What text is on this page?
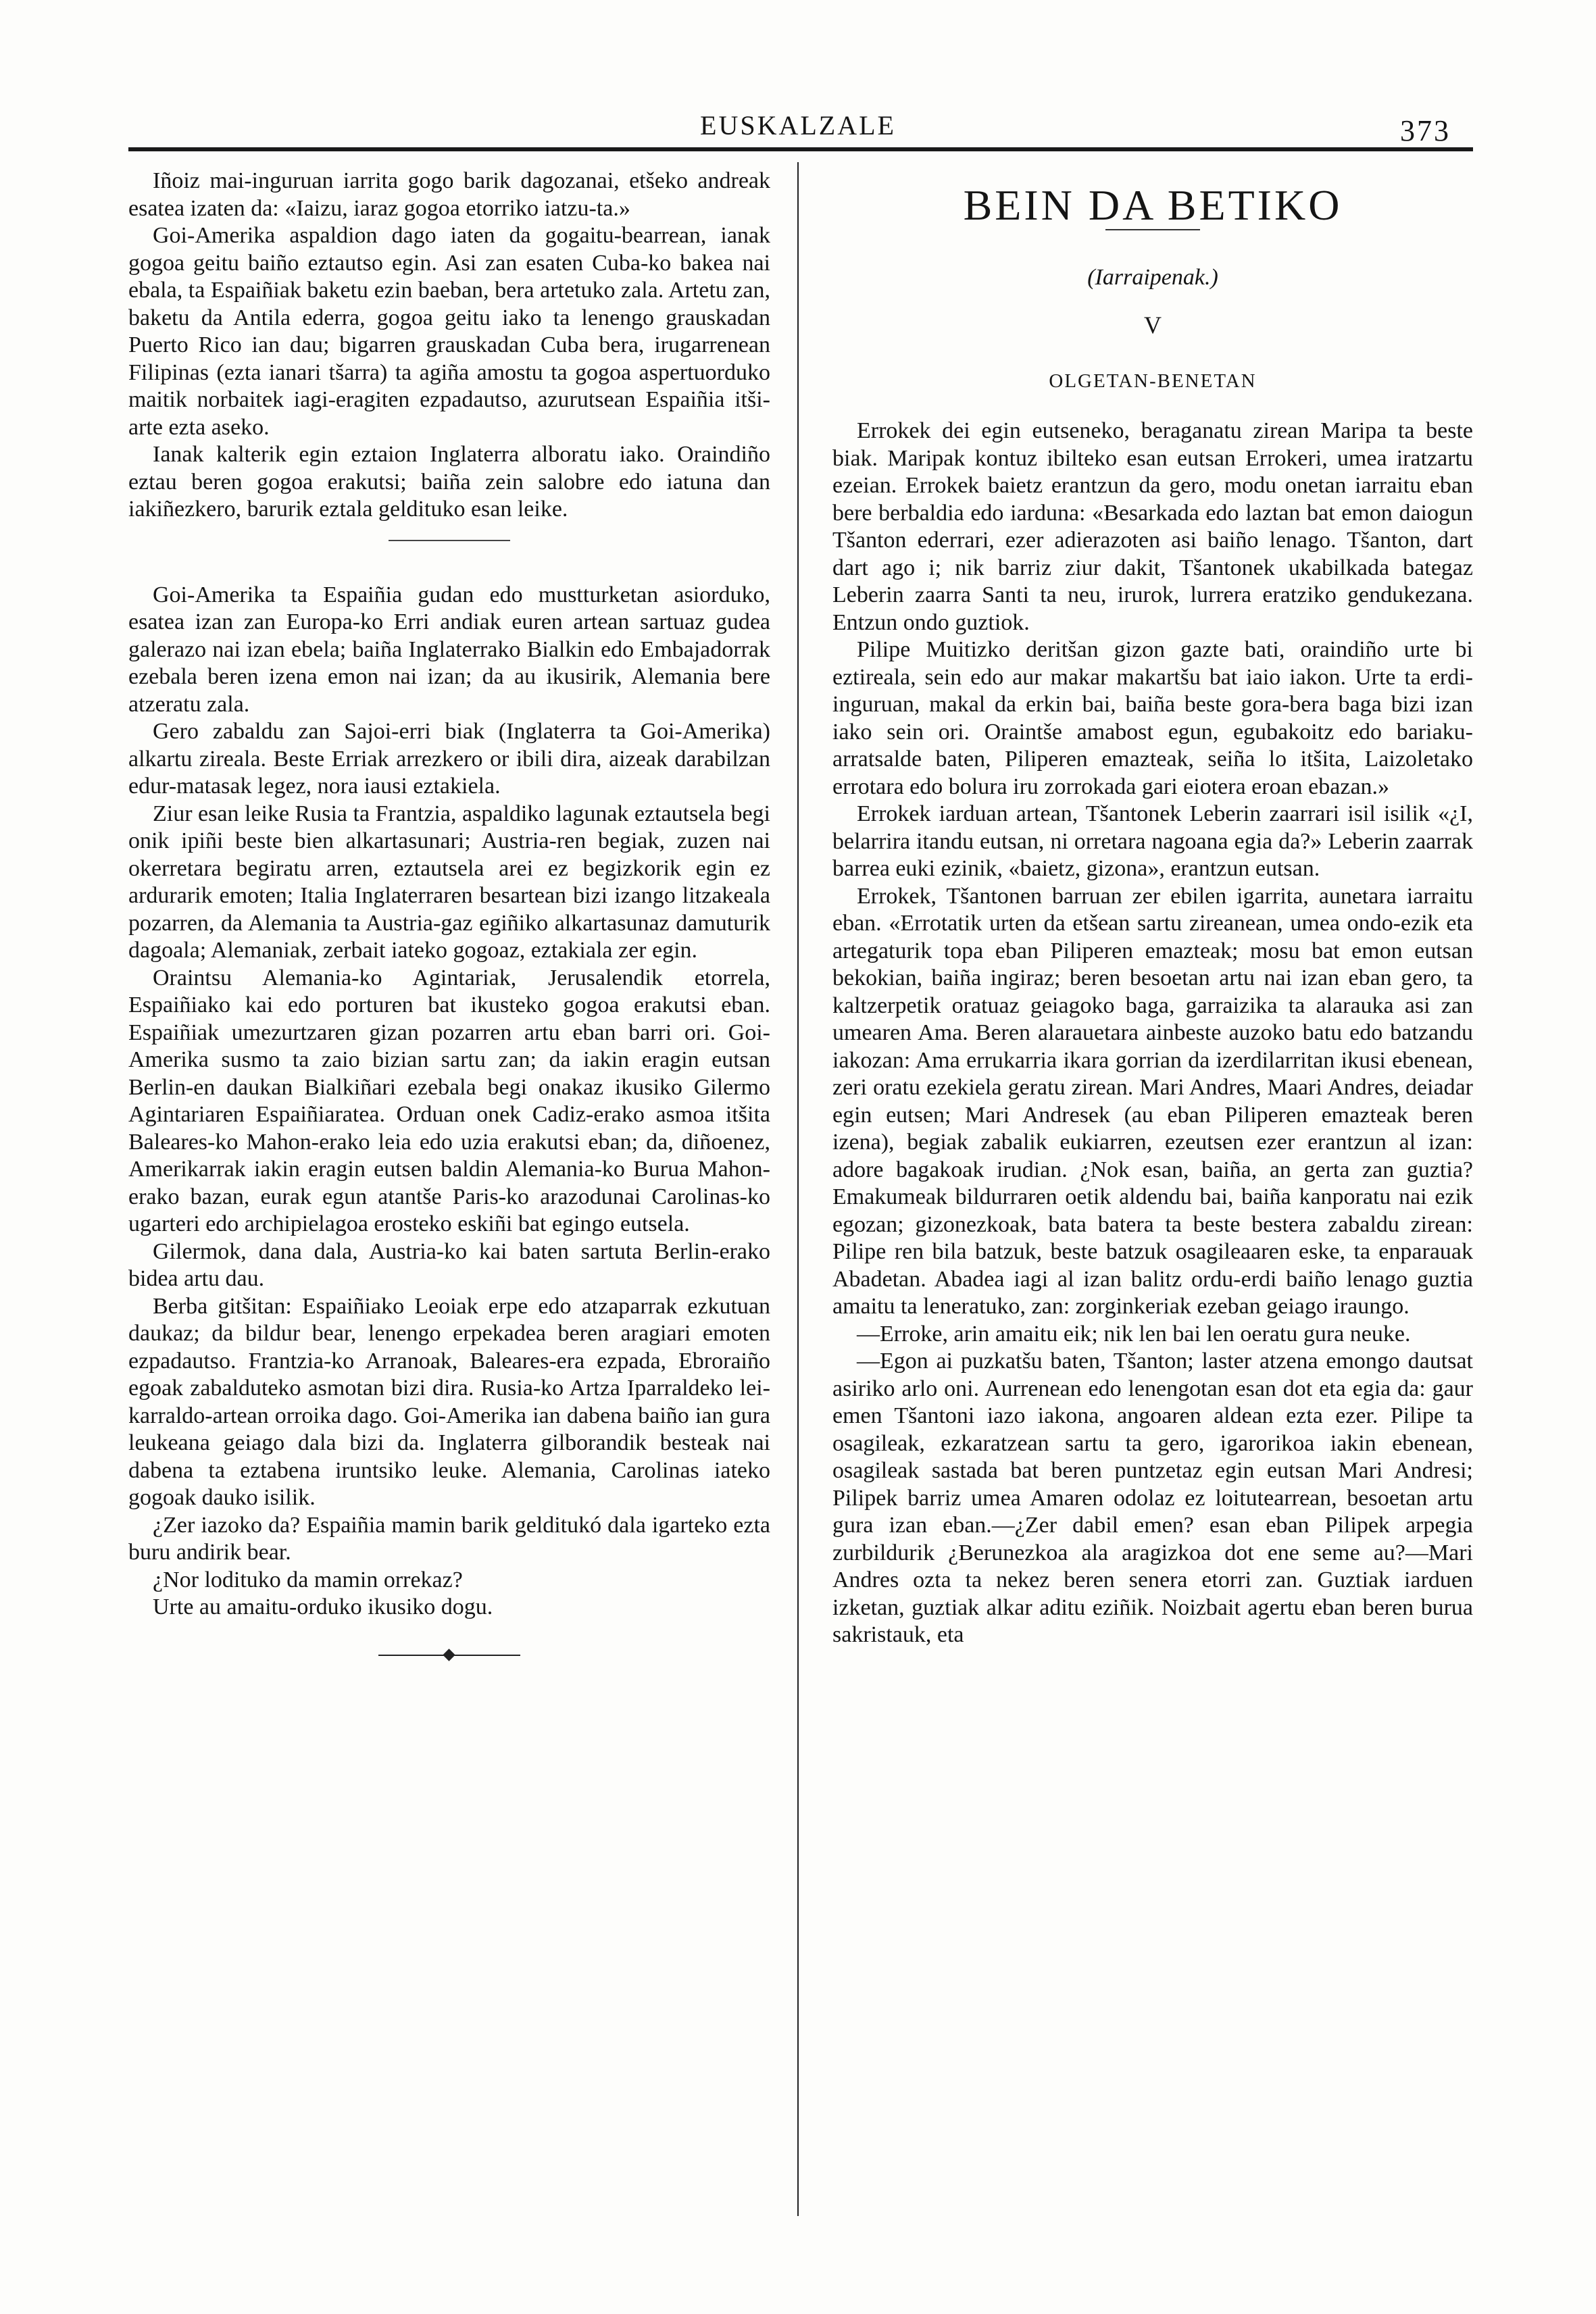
EUSKALZALE	373

Iñoiz mai-inguruan iarrita gogo barik dagozanai, etšeko andreak esatea izaten da: «Iaizu, iaraz gogoa etorriko iatzu-ta.»

Goi-Amerika aspaldion dago iaten da gogaitu-bearrean, ianak gogoa geitu baiño eztautso egin. Asi zan esaten Cuba-ko bakea nai ebala, ta Espaiñiak baketu ezin baeban, bera artetuko zala. Artetu zan, baketu da Antila ederra, gogoa geitu iako ta lenengo grauskadan Puerto Rico ian dau; bigarren grauskadan Cuba bera, irugarrenean Filipinas (ezta ianari tšarra) ta agiña amostu ta gogoa aspertuorduko maitik norbaitek iagi-eragiten ezpadautso, azurutsean Espaiñia itši-arte ezta aseko.

Ianak kalterik egin eztaion Inglaterra alboratu iako. Oraindiño eztau beren gogoa erakutsi; baiña zein salobre edo iatuna dan iakiñezkero, barurik eztala geldituko esan leike.

Goi-Amerika ta Espaiñia gudan edo mustturketan asiorduko, esatea izan zan Europa-ko Erri andiak euren artean sartuaz gudea galerazo nai izan ebela; baiña Inglaterrako Bialkin edo Embajadorrak ezebala beren izena emon nai izan; da au ikusirik, Alemania bere atzeratu zala.

Gero zabaldu zan Sajoi-erri biak (Inglaterra ta Goi-Amerika) alkartu zireala. Beste Erriak arrezkero or ibili dira, aizeak darabilzan edur-matasak legez, nora iausi eztakiela.

Ziur esan leike Rusia ta Frantzia, aspaldiko lagunak eztautsela begi onik ipiñi beste bien alkartasunari; Austria-ren begiak, zuzen nai okerretara begiratu arren, eztautsela arei ez begizkorik egin ez ardurarik emoten; Italia Inglaterraren besartean bizi izango litzakeala pozarren, da Alemania ta Austria-gaz egiñiko alkartasunaz damuturik dagoala; Alemaniak, zerbait iateko gogoaz, eztakiala zer egin.

Oraintsu Alemania-ko Agintariak, Jerusalendik etorrela, Espaiñiako kai edo porturen bat ikusteko gogoa erakutsi eban. Espaiñiak umezurtzaren gizan pozarren artu eban barri ori. Goi-Amerika susmo ta zaio bizian sartu zan; da iakin eragin eutsan Berlin-en daukan Bialkiñari ezebala begi onakaz ikusiko Gilermo Agintariaren Espaiñiaratea. Orduan onek Cadiz-erako asmoa itšita Baleares-ko Mahon-erako leia edo uzia erakutsi eban; da, diñoenez, Amerikarrak iakin eragin eutsen baldin Alemania-ko Burua Mahon-erako bazan, eurak egun atantše Paris-ko arazodunai Carolinas-ko ugarteri edo archipielagoa erosteko eskiñi bat egingo eutsela.

Gilermok, dana dala, Austria-ko kai baten sartuta Berlin-erako bidea artu dau.

Berba gitšitan: Espaiñiako Leoiak erpe edo atzaparrak ezkutuan daukaz; da bildur bear, lenengo erpekadea beren aragiari emoten ezpadautso. Frantzia-ko Arranoak, Baleares-era ezpada, Ebroraiño egoak zabalduteko asmotan bizi dira. Rusia-ko Artza Iparraldeko lei-karraldo-artean orroika dago. Goi-Amerika ian dabena baiño ian gura leukeana geiago dala bizi da. Inglaterra gilborandik besteak nai dabena ta eztabena iruntsiko leuke. Alemania, Carolinas iateko gogoak dauko isilik.

¿Zer iazoko da? Espaiñia mamin barik gelditukó dala igarteko ezta buru andirik bear.

¿Nor lodituko da mamin orrekaz?

Urte au amaitu-orduko ikusiko dogu.

BEIN DA BETIKO
(Iarraipenak.)
V
OLGETAN-BENETAN

Errokek dei egin eutseneko, beraganatu zirean Maripa ta beste biak. Maripak kontuz ibilteko esan eutsan Errokeri, umea iratzartu ezeian. Errokek baietz erantzun da gero, modu onetan iarraitu eban bere berbaldia edo iarduna: «Besarkada edo laztan bat emon daiogun Tšanton ederrari, ezer adierazoten asi baiño lenago. Tšanton, dart dart ago i; nik barriz ziur dakit, Tšantonek ukabilkada bategaz Leberin zaarra Santi ta neu, irurok, lurrera eratziko gendukezana. Entzun ondo guztiok.

Pilipe Muitizko deritšan gizon gazte bati, oraindiño urte bi eztireala, sein edo aur makar makartšu bat iaio iakon. Urte ta erdi-inguruan, makal da erkin bai, baiña beste gora-bera baga bizi izan iako sein ori. Oraintše amabost egun, egubakoitz edo bariaku-arratsalde baten, Piliperen emazteak, seiña lo itšita, Laizoletako errotara edo bolura iru zorrokada gari eiotera eroan ebazan.»

Errokek iarduan artean, Tšantonek Leberin zaarrari isil isilik «¿I, belarrira itandu eutsan, ni orretara nagoana egia da?» Leberin zaarrak barrea euki ezinik, «baietz, gizona», erantzun eutsan.

Errokek, Tšantonen barruan zer ebilen igarrita, aunetara iarraitu eban. «Errotatik urten da etšean sartu zireanean, umea ondo-ezik eta artegaturik topa eban Piliperen emazteak; mosu bat emon eutsan bekokian, baiña ingiraz; beren besoetan artu nai izan eban gero, ta kaltzerpetik oratuaz geiagoko baga, garraizika ta alarauka asi zan umearen Ama. Beren alarauetara ainbeste auzoko batu edo batzandu iakozan: Ama errukarria ikara gorrian da izerdilarritan ikusi ebenean, zeri oratu ezekiela geratu zirean. Mari Andres, Maari Andres, deiadar egin eutsen; Mari Andresek (au eban Piliperen emazteak beren izena), begiak zabalik eukiarren, ezeutsen ezer erantzun al izan: adore bagakoak irudian. ¿Nok esan, baiña, an gerta zan guztia? Emakumeak bildurraren oetik aldendu bai, baiña kanporatu nai ezik egozan; gizonezkoak, bata batera ta beste bestera zabaldu zirean: Pilipe ren bila batzuk, beste batzuk osagileaaren eske, ta enparauak Abadetan. Abadea iagi al izan balitz ordu-erdi baiño lenago guztia amaitu ta leneratuko, zan: zorginkeriak ezeban geiago iraungo.

—Erroke, arin amaitu eik; nik len bai len oeratu gura neuke.

—Egon ai puzkatšu baten, Tšanton; laster atzena emongo dautsat asiriko arlo oni. Aurrenean edo lenengotan esan dot eta egia da: gaur emen Tšantoni iazo iakona, angoaren aldean ezta ezer. Pilipe ta osagileak, ezkaratzean sartu ta gero, igarorikoa iakin ebenean, osagileak sastada bat beren puntzetaz egin eutsan Mari Andresi; Pilipek barriz umea Amaren odolaz ez loitutearrean, besoetan artu gura izan eban.—¿Zer dabil emen? esan eban Pilipek arpegia zurbildurik ¿Berunezkoa ala aragizkoa dot ene seme au?—Mari Andres ozta ta nekez beren senera etorri zan. Guztiak iarduen izketan, guztiak alkar aditu eziñik. Noizbait agertu eban beren burua sakristauk, eta
